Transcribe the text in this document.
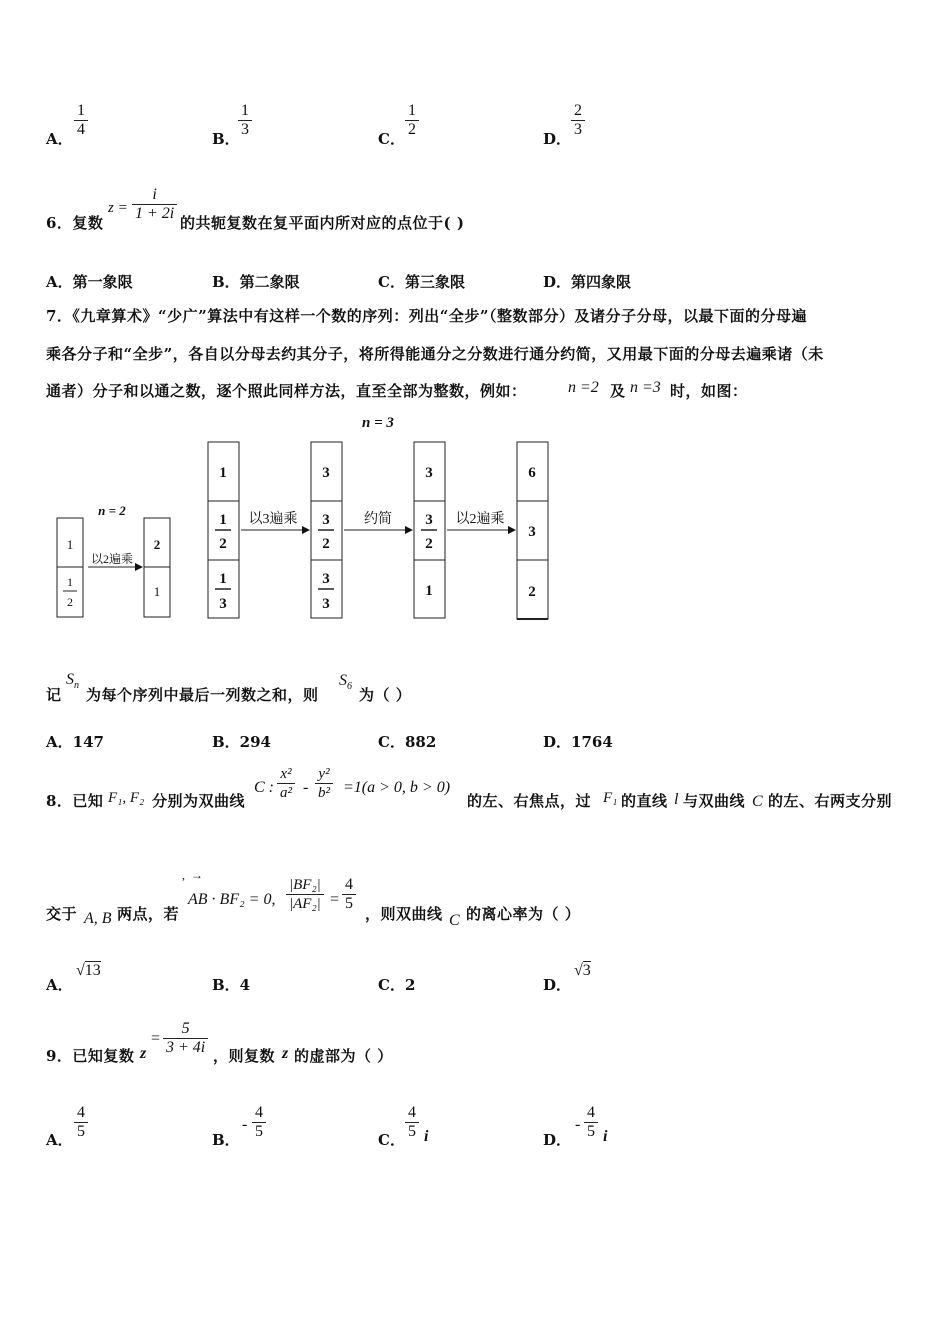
A． $\frac{1}{4}$	B．
$\frac{1}{3}$	C． $\frac{1}{2}$	D． $\frac{2}{3}$
6．复数
$z = \frac{i}{1 + 2i}$ 的共轭复数在复平面内所对应的点位于( )
A．第一象限	B．第二象限	C．第三象限	D．第四象限
7．《九章算术》“少广”算法中有这样一个数的序列：列出“全步”（整数部分）及诸分子分母，以最下面的分母遍
乘各分子和“全步”，各自以分母去约其分子，将所得能通分之分数进行通分约简，又用最下面的分母去遍乘诸（未
通者）分子和以通之数，逐个照此同样方法，直至全部为整数，例如：	n =2 及 n =3 时，如图：
n = 3
n = 2
1
1
2
以2遍乘
2
1
1
1
2
1
3
以3遍乘
3
3
2
3
3
约简
3
3
2
1
以2遍乘
6
3
2
记
$S_n$
为每个序列中最后一列数之和，则
$S_6$ 为（ ）
A．147	B．294	C．882	D．1764
8．已知 F₁, F₂ 分别为双曲线
C : $\frac{\text{x²}}{\text{a²}} - \frac{\text{y²}}{\text{b²}} =1(a > 0$, b > 0)
的左、右焦点，过 F₁ 的直线 l 与双曲线 C 的左、右两支分别
交于 A, B 两点，若
,  →
AB · BF₂ = 0, $\frac{\text{|BF₂|}}{\text{|AF₂|}} = \frac{4}{5}$
，则双曲线 C 的离心率为（ ）
A．
√13
B．4	C．2	D．
√3
9．已知复数 z
= $\frac{5}{3 + 4i}$ ，则复数 z 的虚部为（ ）
A． $\frac{4}{5}$	B．
- $\frac{4}{5}$	C． $\frac{4}{5}$ i	D．
- $\frac{4}{5}$ i
